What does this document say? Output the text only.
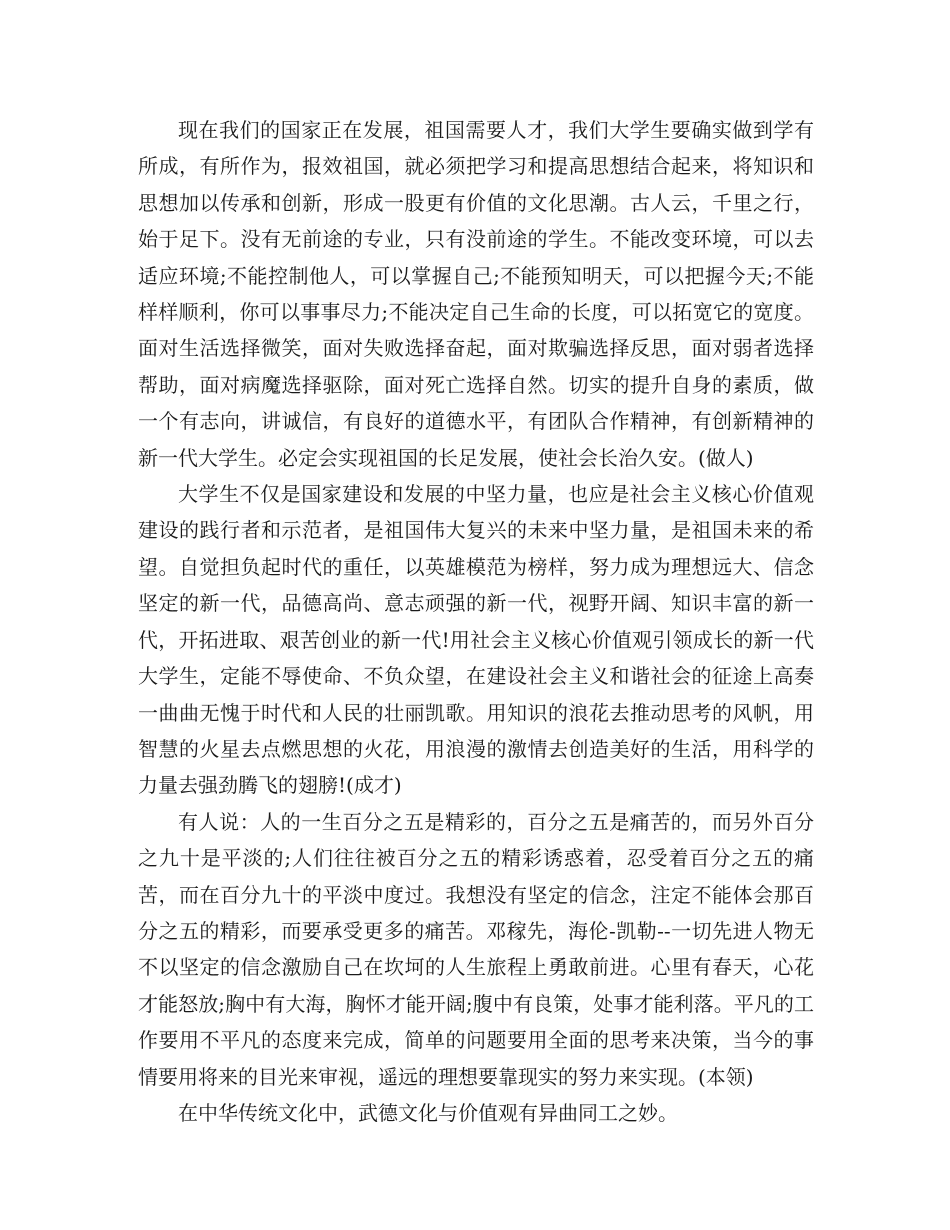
现在我们的国家正在发展，祖国需要人才，我们大学生要确实做到学有所成，有所作为，报效祖国，就必须把学习和提高思想结合起来，将知识和思想加以传承和创新，形成一股更有价值的文化思潮。古人云，千里之行，始于足下。没有无前途的专业，只有没前途的学生。不能改变环境，可以去适应环境;不能控制他人，可以掌握自己;不能预知明天，可以把握今天;不能样样顺利，你可以事事尽力;不能决定自己生命的长度，可以拓宽它的宽度。面对生活选择微笑，面对失败选择奋起，面对欺骗选择反思，面对弱者选择帮助，面对病魔选择驱除，面对死亡选择自然。切实的提升自身的素质，做一个有志向，讲诚信，有良好的道德水平，有团队合作精神，有创新精神的新一代大学生。必定会实现祖国的长足发展，使社会长治久安。(做人)

大学生不仅是国家建设和发展的中坚力量，也应是社会主义核心价值观建设的践行者和示范者，是祖国伟大复兴的未来中坚力量，是祖国未来的希望。自觉担负起时代的重任，以英雄模范为榜样，努力成为理想远大、信念坚定的新一代，品德高尚、意志顽强的新一代，视野开阔、知识丰富的新一代，开拓进取、艰苦创业的新一代!用社会主义核心价值观引领成长的新一代大学生，定能不辱使命、不负众望，在建设社会主义和谐社会的征途上高奏一曲曲无愧于时代和人民的壮丽凯歌。用知识的浪花去推动思考的风帆，用智慧的火星去点燃思想的火花，用浪漫的激情去创造美好的生活，用科学的力量去强劲腾飞的翅膀!(成才)

有人说：人的一生百分之五是精彩的，百分之五是痛苦的，而另外百分之九十是平淡的;人们往往被百分之五的精彩诱惑着，忍受着百分之五的痛苦，而在百分九十的平淡中度过。我想没有坚定的信念，注定不能体会那百分之五的精彩，而要承受更多的痛苦。邓稼先，海伦-凯勒--一切先进人物无不以坚定的信念激励自己在坎坷的人生旅程上勇敢前进。心里有春天，心花才能怒放;胸中有大海，胸怀才能开阔;腹中有良策，处事才能利落。平凡的工作要用不平凡的态度来完成，简单的问题要用全面的思考来决策，当今的事情要用将来的目光来审视，遥远的理想要靠现实的努力来实现。(本领)

在中华传统文化中，武德文化与价值观有异曲同工之妙。
